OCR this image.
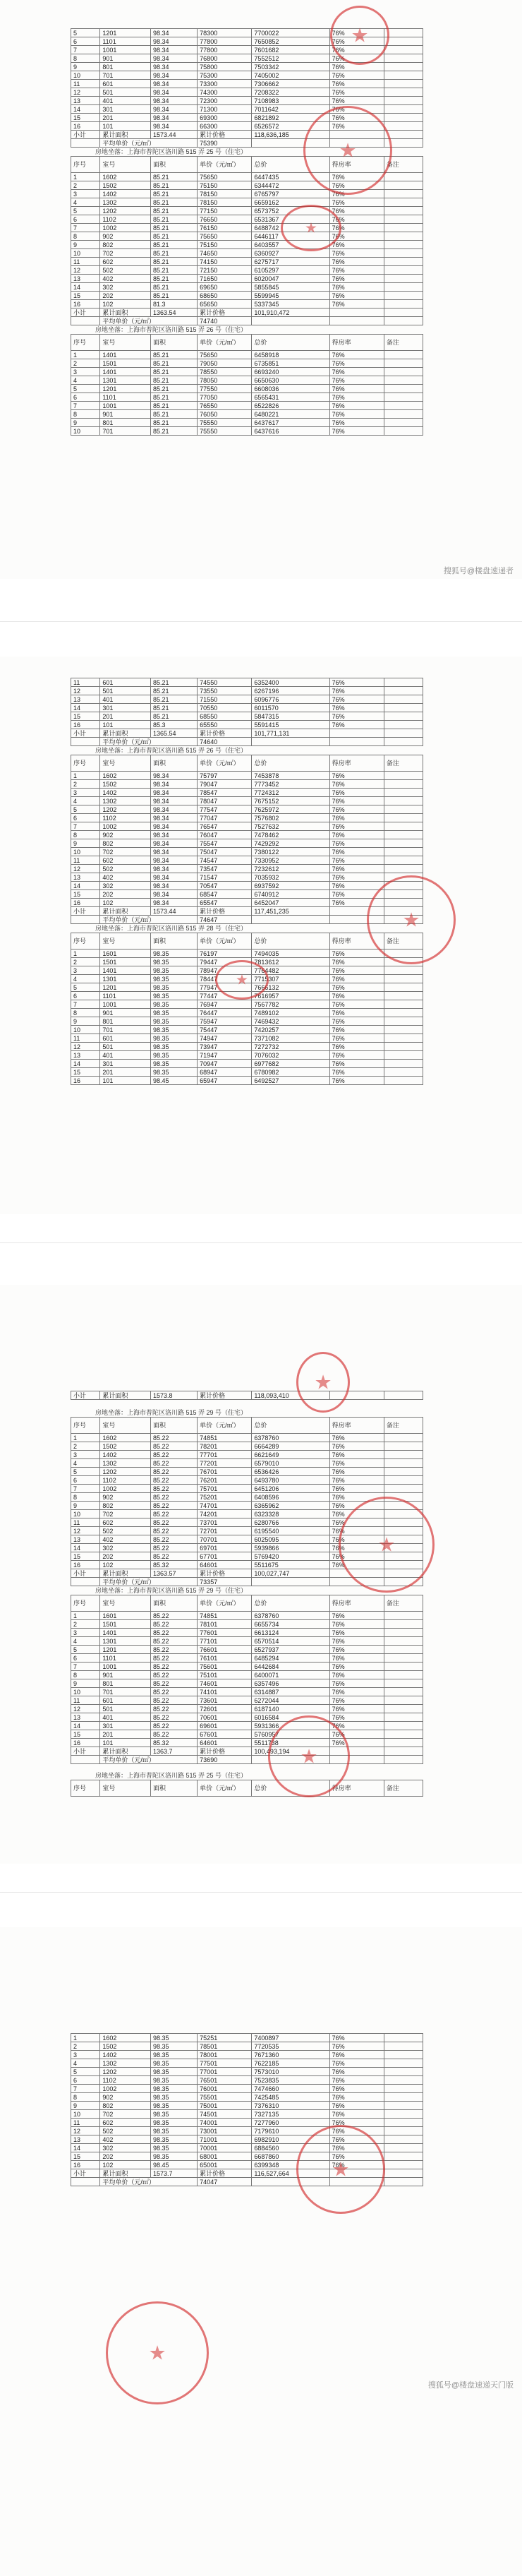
5	1201	98.34	78300	7700022	76%	
6	1101	98.34	77800	7650852	76%	
7	1001	98.34	77800	7601682	76%	
8	901	98.34	76800	7552512	76%	
9	801	98.34	75800	7503342	76%	
10	701	98.34	75300	7405002	76%	
11	601	98.34	73300	7306662	76%	
12	501	98.34	74300	7208322	76%	
13	401	98.34	72300	7108983	76%	
14	301	98.34	71300	7011642	76%	
15	201	98.34	69300	6821892	76%	
16	101	98.34	66300	6526572	76%	
小计	累计面积	1573.44	累计价格	118,636,185		
	平均单价（元/㎡）		75390			
房地坐落：上海市普陀区洛川路 515 弄 25 号（住宅）
序号	室号	面积	单价（元/㎡）	总价	得房率	备注
1	1602	85.21	75650	6447435	76%	
2	1502	85.21	75150	6344472	76%	
3	1402	85.21	78150	6765797	76%	
4	1302	85.21	78150	6659162	76%	
5	1202	85.21	77150	6573752	76%	
6	1102	85.21	76650	6531367	76%	
7	1002	85.21	76150	6488742	76%	
8	902	85.21	75650	6446117	76%	
9	802	85.21	75150	6403557	76%	
10	702	85.21	74650	6360927	76%	
11	602	85.21	74150	6275717	76%	
12	502	85.21	72150	6105297	76%	
13	402	85.21	71650	6020047	76%	
14	302	85.21	69650	5855845	76%	
15	202	85.21	68650	5599945	76%	
16	102	81.3	65650	5337345	76%	
小计	累计面积	1363.54	累计价格	101,910,472		
	平均单价（元/㎡）		74740			
房地坐落：上海市普陀区洛川路 515 弄 26 号（住宅）
序号	室号	面积	单价（元/㎡）	总价	得房率	备注
1	1401	85.21	75650	6458918	76%	
2	1501	85.21	79050	6735851	76%	
3	1401	85.21	78550	6693240	76%	
4	1301	85.21	78050	6650630	76%	
5	1201	85.21	77550	6608036	76%	
6	1101	85.21	77050	6565431	76%	
7	1001	85.21	76550	6522826	76%	
8	901	85.21	76050	6480221	76%	
9	801	85.21	75550	6437617	76%	
10	701	85.21	75550	6437616	76%	
★
★
★
搜狐号@楼盘速递者
11	601	85.21	74550	6352400	76%	
12	501	85.21	73550	6267196	76%	
13	401	85.21	71550	6096776	76%	
14	301	85.21	70550	6011570	76%	
15	201	85.21	68550	5847315	76%	
16	101	85.3	65550	5591415	76%	
小计	累计面积	1365.54	累计价格	101,771,131		
	平均单价（元/㎡）		74640			
房地坐落：上海市普陀区洛川路 515 弄 26 号（住宅）
序号	室号	面积	单价（元/㎡）	总价	得房率	备注
1	1602	98.34	75797	7453878	76%	
2	1502	98.34	79047	7773452	76%	
3	1402	98.34	78547	7724312	76%	
4	1302	98.34	78047	7675152	76%	
5	1202	98.34	77547	7625972	76%	
6	1102	98.34	77047	7576802	76%	
7	1002	98.34	76547	7527632	76%	
8	902	98.34	76047	7478462	76%	
9	802	98.34	75547	7429292	76%	
10	702	98.34	75047	7380122	76%	
11	602	98.34	74547	7330952	76%	
12	502	98.34	73547	7232612	76%	
13	402	98.34	71547	7035932	76%	
14	302	98.34	70547	6937592	76%	
15	202	98.34	68547	6740912	76%	
16	102	98.34	65547	6452047	76%	
小计	累计面积	1573.44	累计价格	117,451,235		
	平均单价（元/㎡）		74647			
房地坐落：上海市普陀区洛川路 515 弄 28 号（住宅）
序号	室号	面积	单价（元/㎡）	总价	得房率	备注
1	1601	98.35	76197	7494035	76%	
2	1501	98.35	79447	7813612	76%	
3	1401	98.35	78947	7764482	76%	
4	1301	98.35	78447	7715307	76%	
5	1201	98.35	77947	7666132	76%	
6	1101	98.35	77447	7616957	76%	
7	1001	98.35	76947	7567782	76%	
8	901	98.35	76447	7489102	76%	
9	801	98.35	75947	7469432	76%	
10	701	98.35	75447	7420257	76%	
11	601	98.35	74947	7371082	76%	
12	501	98.35	73947	7272732	76%	
13	401	98.35	71947	7076032	76%	
14	301	98.35	70947	6977682	76%	
15	201	98.35	68947	6780982	76%	
16	101	98.45	65947	6492527	76%	
★
★
小计	累计面积	1573.8	累计价格	118,093,410		
房地坐落：上海市普陀区洛川路 515 弄 29 号（住宅）
序号	室号	面积	单价（元/㎡）	总价	得房率	备注
1	1602	85.22	74851	6378760	76%	
2	1502	85.22	78201	6664289	76%	
3	1402	85.22	77701	6621649	76%	
4	1302	85.22	77201	6579010	76%	
5	1202	85.22	76701	6536426	76%	
6	1102	85.22	76201	6493780	76%	
7	1002	85.22	75701	6451206	76%	
8	902	85.22	75201	6408596	76%	
9	802	85.22	74701	6365962	76%	
10	702	85.22	74201	6323328	76%	
11	602	85.22	73701	6280766	76%	
12	502	85.22	72701	6195540	76%	
13	402	85.22	70701	6025095	76%	
14	302	85.22	69701	5939866	76%	
15	202	85.22	67701	5769420	76%	
16	102	85.32	64601	5511675	76%	
小计	累计面积	1363.57	累计价格	100,027,747		
	平均单价（元/㎡）		73357			
房地坐落：上海市普陀区洛川路 515 弄 29 号（住宅）
序号	室号	面积	单价（元/㎡）	总价	得房率	备注
1	1601	85.22	74851	6378760	76%	
2	1501	85.22	78101	6655734	76%	
3	1401	85.22	77601	6613124	76%	
4	1301	85.22	77101	6570514	76%	
5	1201	85.22	76601	6527937	76%	
6	1101	85.22	76101	6485294	76%	
7	1001	85.22	75601	6442684	76%	
8	901	85.22	75101	6400071	76%	
9	801	85.22	74601	6357496	76%	
10	701	85.22	74101	6314887	76%	
11	601	85.22	73601	6272044	76%	
12	501	85.22	72601	6187140	76%	
13	401	85.22	70601	6016584	76%	
14	301	85.22	69601	5931366	76%	
15	201	85.22	67601	5760957	76%	
16	101	85.32	64601	5511738	76%	
小计	累计面积	1363.7	累计价格	100,493,194		
	平均单价（元/㎡）		73690			
房地坐落：上海市普陀区洛川路 515 弄 25 号（住宅）
序号	室号	面积	单价（元/㎡）	总价	得房率	备注
★
★
★
1	1602	98.35	75251	7400897	76%	
2	1502	98.35	78501	7720535	76%	
3	1402	98.35	78001	7671360	76%	
4	1302	98.35	77501	7622185	76%	
5	1202	98.35	77001	7573010	76%	
6	1102	98.35	76501	7523835	76%	
7	1002	98.35	76001	7474660	76%	
8	902	98.35	75501	7425485	76%	
9	802	98.35	75001	7376310	76%	
10	702	98.35	74501	7327135	76%	
11	602	98.35	74001	7277960	76%	
12	502	98.35	73001	7179610	76%	
13	402	98.35	71001	6982910	76%	
14	302	98.35	70001	6884560	76%	
15	202	98.35	68001	6687860	76%	
16	102	98.45	65001	6399348	76%	
小计	累计面积	1573.7	累计价格	116,527,664		
	平均单价（元/㎡）		74047			
★
★
搜狐号@楼盘速递天门版
